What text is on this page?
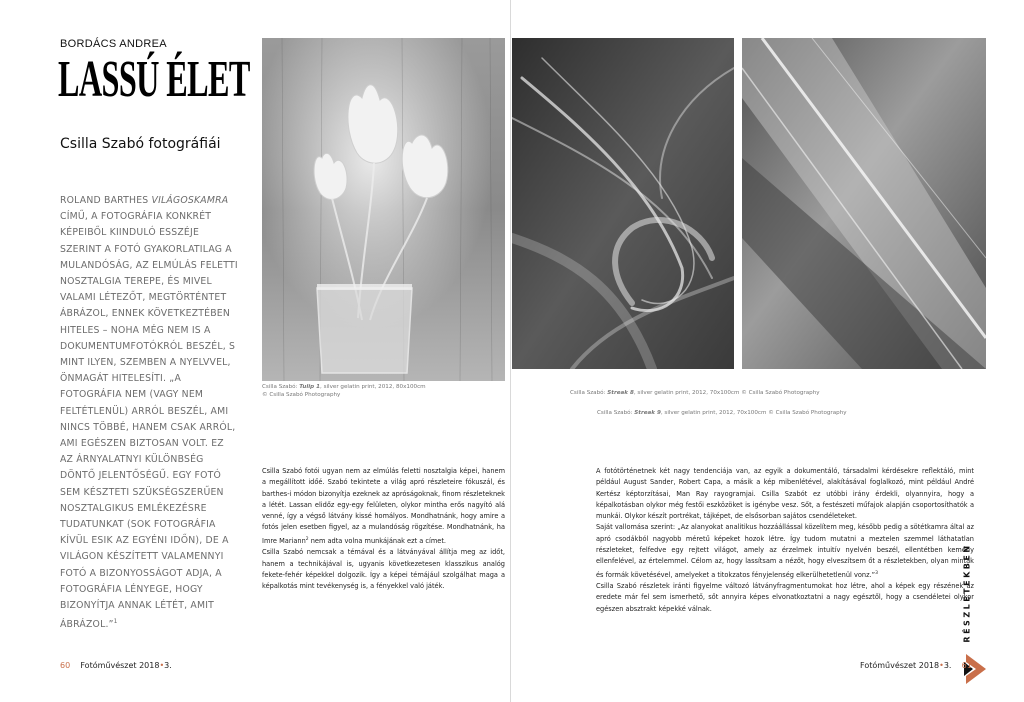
BORDÁCS ANDREA
LASSÚ ÉLET
Csilla Szabó fotográfiái
ROLAND BARTHES VILÁGOSKAMRA CÍMŰ, A FOTOGRÁFIA KONKRÉT KÉPEIBŐL KIINDULÓ ESSZÉJE SZERINT A FOTÓ GYAKORLATILAG A MULANDÓSÁG, AZ ELMÚLÁS FELETTI NOSZTALGIA TEREPE, ÉS MIVEL VALAMI LÉTEZŐT, MEGTÖRTÉNTET ÁBRÁZOL, ENNEK KÖVETKEZTÉBEN HITELES – NOHA MÉG NEM IS A DOKUMENTUMFOTÓKRÓL BESZÉL, S MINT ILYEN, SZEMBEN A NYELVVEL, ÖNMAGÁT HITELESÍTI. „A FOTOGRÁFIA NEM (VAGY NEM FELTÉTLENÜL) ARRÓL BESZÉL, AMI NINCS TÖBBÉ, HANEM CSAK ARRÓL, AMI EGÉSZEN BIZTOSAN VOLT. EZ AZ ÁRNYALATNYI KÜLÖNBSÉG DÖNTŐ JELENTŐSÉGŰ. EGY FOTÓ SEM KÉSZTETI SZÜKSÉGSZERŰEN NOSZTALGIKUS EMLÉKEZÉSRE TUDATUNKAT (SOK FOTOGRÁFIA KÍVÜL ESIK AZ EGYÉNI IDŐN), DE A VILÁGON KÉSZÍTETT VALAMENNYI FOTÓ A BIZONYOSSÁGOT ADJA, A FOTOGRÁFIA LÉNYEGE, HOGY BIZONYÍTJA ANNAK LÉTÉT, AMIT ÁBRÁZOL.”$^1$
Csilla Szabó: Tulip 1, silver gelatin print, 2012, 80x100cm
© Csilla Szabó Photography	Csilla Szabó: Streak 8, silver gelatin print, 2012, 70x100cm © Csilla Szabó Photography
Csilla Szabó: Streak 9, silver gelatin print, 2012, 70x100cm © Csilla Szabó Photography

Csilla Szabó fotói ugyan nem az elmúlás feletti nosztalgia képei, hanem a megállított időé. Szabó tekintete a világ apró részleteire fókuszál, és barthes-i módon bizonyítja ezeknek az apróságoknak, finom részleteknek a létét. Lassan elidőz egy-egy felületen, olykor mintha erős nagyító alá venné, így a végső látvány kissé homályos. Mondhatnánk, hogy amire a fotós jelen esetben figyel, az a mulandóság rögzítése. Mondhatnánk, ha Imre Mariann$^2$ nem adta volna munkájának ezt a címet.

Csilla Szabó nemcsak a témával és a látványával állítja meg az időt, hanem a technikájával is, ugyanis következetesen klasszikus analóg fekete-fehér képekkel dolgozik. Így a képei témájául szolgálhat maga a képalkotás mint tevékenység is, a fényekkel való játék.

A fotótörténetnek két nagy tendenciája van, az egyik a dokumentáló, társadalmi kérdésekre reflektáló, mint például August Sander, Robert Capa, a másik a kép mibenlétével, alakításával foglalkozó, mint például André Kertész képtorzításai, Man Ray rayogramjai. Csilla Szabót ez utóbbi irány érdekli, olyannyira, hogy a képalkotásban olykor még festői eszközöket is igénybe vesz. Sőt, a festészeti műfajok alapján csoportosíthatók a munkái. Olykor készít portrékat, tájképet, de elsősorban sajátos csendéleteket.

Saját vallomása szerint: „Az alanyokat analitikus hozzáállással közelítem meg, később pedig a sötétkamra által az apró csodákból nagyobb méretű képeket hozok létre. Így tudom mutatni a meztelen szemmel láthatatlan részleteket, felfedve egy rejtett világot, amely az érzelmek intuitív nyelvén beszél, ellentétben kemény ellenfelével, az értelemmel. Célom az, hogy lassítsam a nézőt, hogy elveszítsem őt a részletekben, olyan minták és formák követésével, amelyeket a titokzatos fényjelenség elkerülhetetlenül vonz.”$^3$

Csilla Szabó részletek iránti figyelme változó látványfragmentumokat hoz létre, ahol a képek egy részének az eredete már fel sem ismerhető, sőt annyira képes elvonatkoztatni a nagy egésztől, hogy a csendéletei olykor egészen absztrakt képekké válnak.	RÉSZLETEKBEN
60 Fotóművészet 2018•3.	Fotóművészet 2018•3. 61
